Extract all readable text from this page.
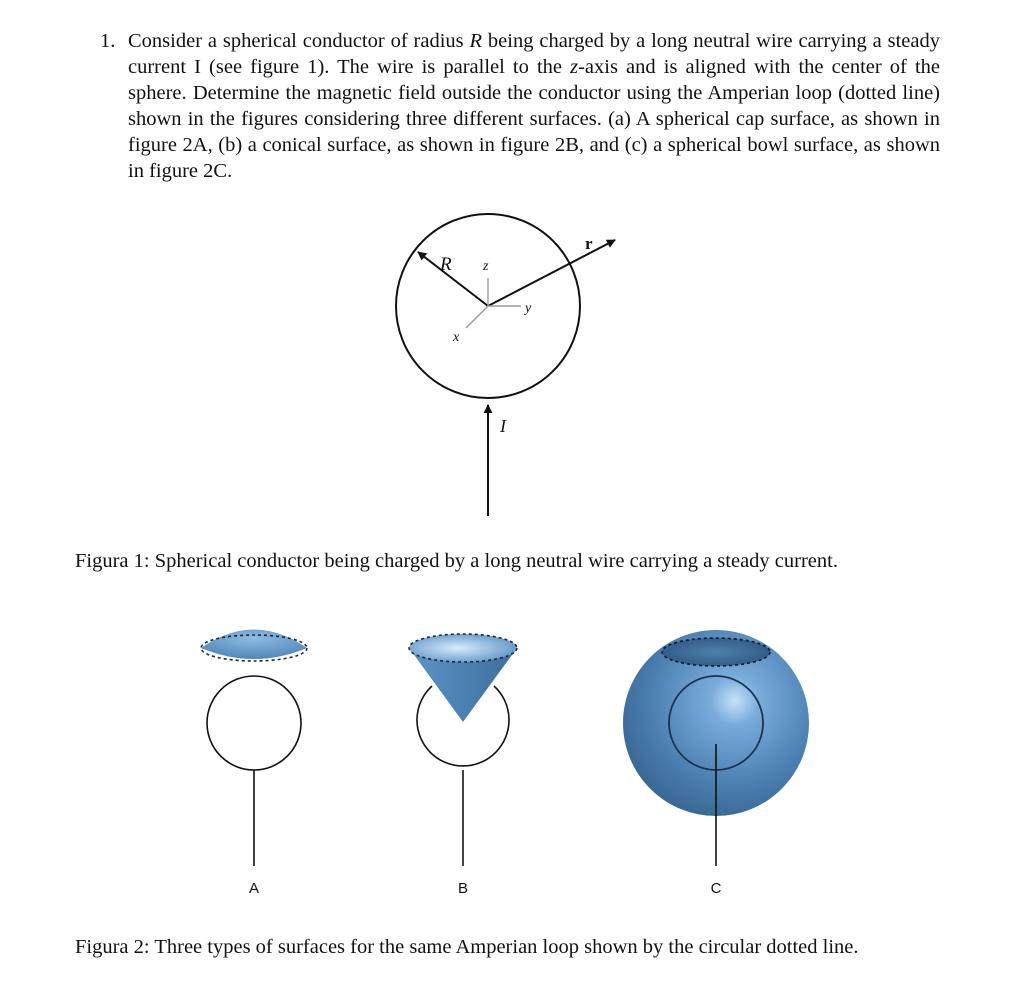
1. Consider a spherical conductor of radius R being charged by a long neutral wire carrying a steady current I (see figure 1). The wire is parallel to the z-axis and is aligned with the center of the sphere. Determine the magnetic field outside the conductor using the Amperian loop (dotted line) shown in the figures considering three different surfaces. (a) A spherical cap surface, as shown in figure 2A, (b) a conical surface, as shown in figure 2B, and (c) a spherical bowl surface, as shown in figure 2C.
R z
y
x
r
I
A	B	C
Figura 1: Spherical conductor being charged by a long neutral wire carrying a steady current.
Figura 2: Three types of surfaces for the same Amperian loop shown by the circular dotted line.
